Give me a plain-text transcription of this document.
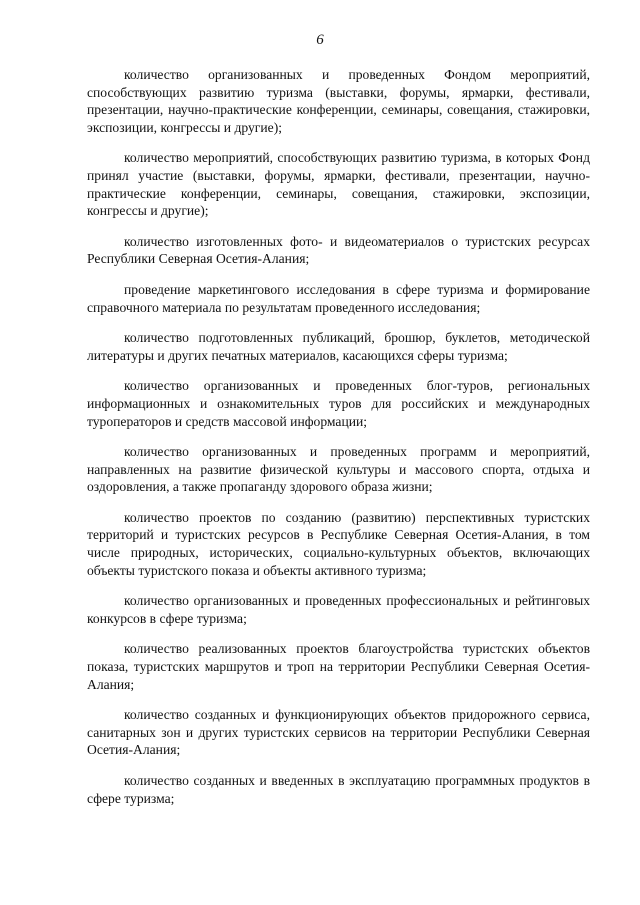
6

количество организованных и проведенных Фондом мероприятий, способствующих развитию туризма (выставки, форумы, ярмарки, фестивали, презентации, научно-практические конференции, семинары, совещания, стажировки, экспозиции, конгрессы и другие);

количество мероприятий, способствующих развитию туризма, в которых Фонд принял участие (выставки, форумы, ярмарки, фестивали, презентации, научно-практические конференции, семинары, совещания, стажировки, экспозиции, конгрессы и другие);

количество изготовленных фото- и видеоматериалов о туристских ресурсах Республики Северная Осетия-Алания;

проведение маркетингового исследования в сфере туризма и формирование справочного материала по результатам проведенного исследования;

количество подготовленных публикаций, брошюр, буклетов, методической литературы и других печатных материалов, касающихся сферы туризма;

количество организованных и проведенных блог-туров, региональных информационных и ознакомительных туров для российских и международных туроператоров и средств массовой информации;

количество организованных и проведенных программ и мероприятий, направленных на развитие физической культуры и массового спорта, отдыха и оздоровления, а также пропаганду здорового образа жизни;

количество проектов по созданию (развитию) перспективных туристских территорий и туристских ресурсов в Республике Северная Осетия-Алания, в том числе природных, исторических, социально-культурных объектов, включающих объекты туристского показа и объекты активного туризма;

количество организованных и проведенных профессиональных и рейтинговых конкурсов в сфере туризма;

количество реализованных проектов благоустройства туристских объектов показа, туристских маршрутов и троп на территории Республики Северная Осетия-Алания;

количество созданных и функционирующих объектов придорожного сервиса, санитарных зон и других туристских сервисов на территории Республики Северная Осетия-Алания;

количество созданных и введенных в эксплуатацию программных продуктов в сфере туризма;
